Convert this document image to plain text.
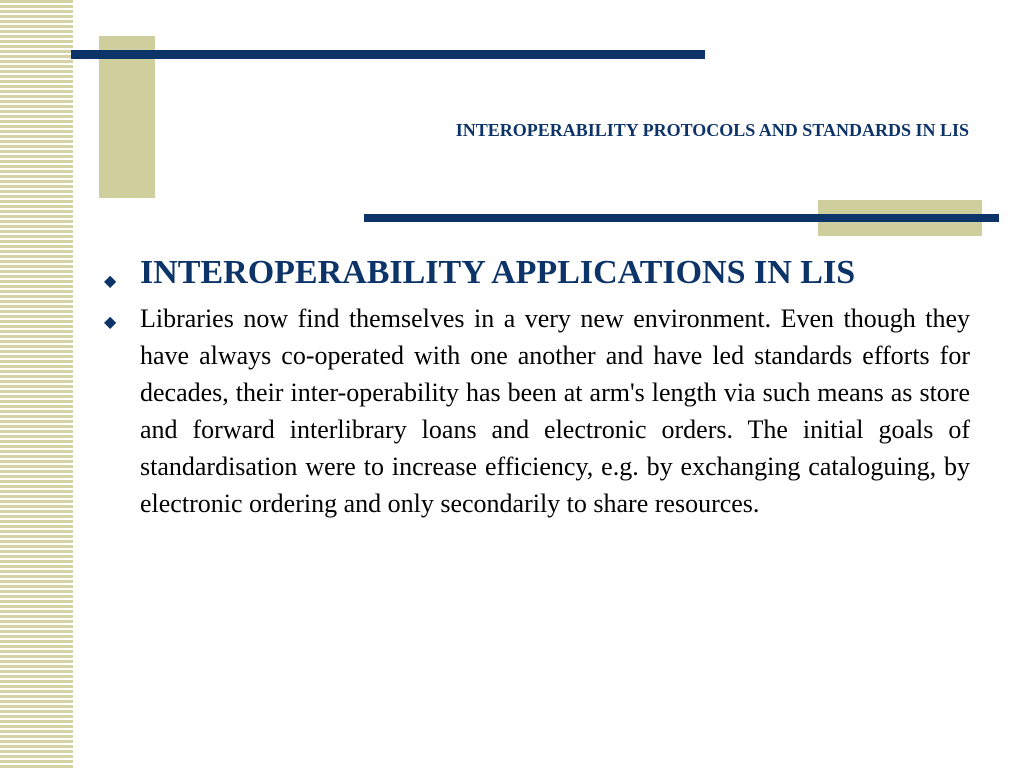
INTEROPERABILITY PROTOCOLS AND STANDARDS IN LIS
◆ INTEROPERABILITY APPLICATIONS IN LIS
◆ Libraries now find themselves in a very new environment. Even though they have always co-operated with one another and have led standards efforts for decades, their inter-operability has been at arm's length via such means as store and forward interlibrary loans and electronic orders. The initial goals of standardisation were to increase efficiency, e.g. by exchanging cataloguing, by electronic ordering and only secondarily to share resources.
